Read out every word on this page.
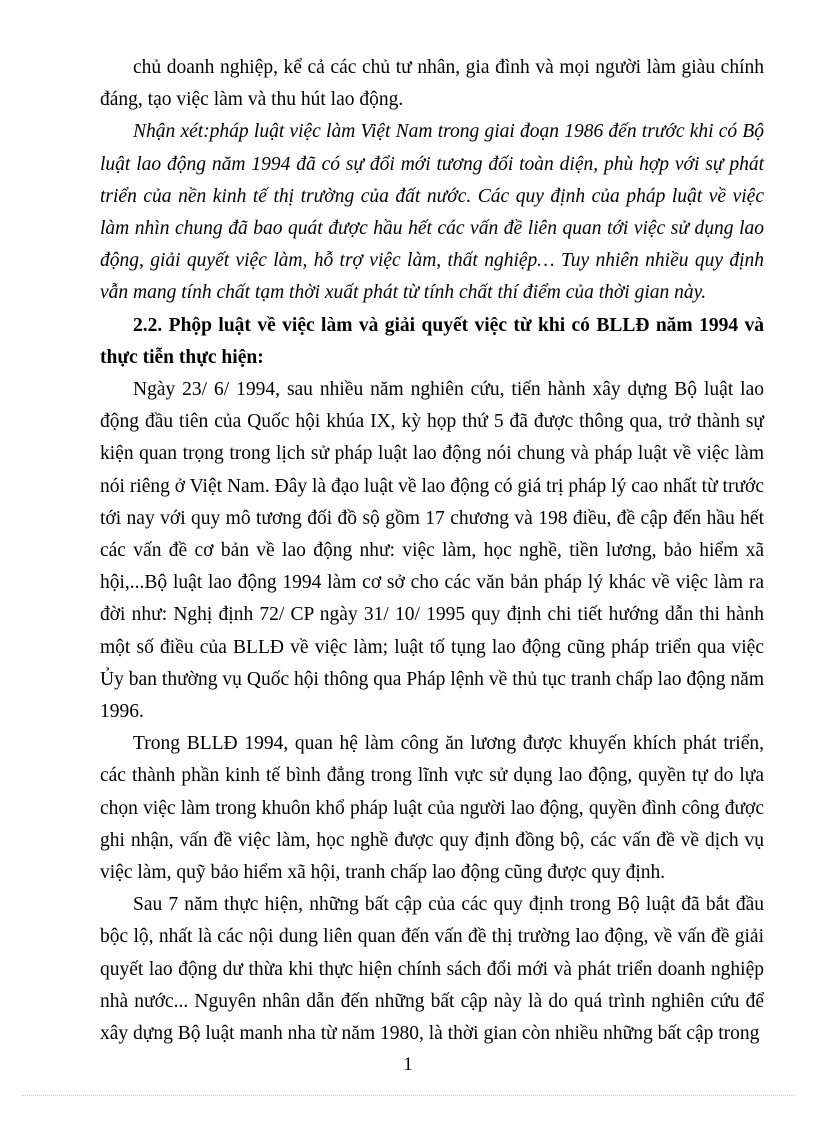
chủ doanh nghiệp, kể cả các chủ tư nhân, gia đình và mọi người làm giàu chính đáng, tạo việc làm và thu hút lao động.

Nhận xét:pháp luật việc làm Việt Nam trong giai đoạn 1986 đến trước khi có Bộ luật lao động năm 1994 đã có sự đổi mới tương đối toàn diện, phù hợp với sự phát triển của nền kinh tế thị trường của đất nước. Các quy định của pháp luật về việc làm nhìn chung đã bao quát được hầu hết các vấn đề liên quan tới việc sử dụng lao động, giải quyết việc làm, hỗ trợ việc làm, thất nghiệp… Tuy nhiên nhiều quy định vẫn mang tính chất tạm thời xuất phát từ tính chất thí điểm của thời gian này.

2.2. Phộp luật về việc làm và giải quyết việc từ khi có BLLĐ năm 1994 và thực tiễn thực hiện:

Ngày 23/ 6/ 1994, sau nhiều năm nghiên cứu, tiến hành xây dựng Bộ luật lao động đầu tiên của Quốc hội khúa IX, kỳ họp thứ 5 đã được thông qua, trở thành sự kiện quan trọng trong lịch sử pháp luật lao động nói chung và pháp luật về việc làm nói riêng ở Việt Nam. Đây là đạo luật về lao động có giá trị pháp lý cao nhất từ trước tới nay với quy mô tương đối đồ sộ gồm 17 chương và 198 điều, đề cập đến hầu hết các vấn đề cơ bản về lao động như: việc làm, học nghề, tiền lương, bảo hiểm xã hội,...Bộ luật lao động 1994 làm cơ sở cho các văn bản pháp lý khác về việc làm ra đời như: Nghị định 72/ CP ngày 31/ 10/ 1995 quy định chi tiết hướng dẫn thi hành một số điều của BLLĐ về việc làm; luật tố tụng lao động cũng pháp triển qua việc Ủy ban thường vụ Quốc hội thông qua Pháp lệnh về thủ tục tranh chấp lao động năm 1996.

Trong BLLĐ 1994, quan hệ làm công ăn lương được khuyến khích phát triển, các thành phần kinh tế bình đẳng trong lĩnh vực sử dụng lao động, quyền tự do lựa chọn việc làm trong khuôn khổ pháp luật của người lao động, quyền đình công được ghi nhận, vấn đề việc làm, học nghề được quy định đồng bộ, các vấn đề về dịch vụ việc làm, quỹ bảo hiểm xã hội, tranh chấp lao động cũng được quy định.

Sau 7 năm thực hiện, những bất cập của các quy định trong Bộ luật đã bắt đầu bộc lộ, nhất là các nội dung liên quan đến vấn đề thị trường lao động, về vấn đề giải quyết lao động dư thừa khi thực hiện chính sách đổi mới và phát triển doanh nghiệp nhà nước... Nguyên nhân dẫn đến những bất cập này là do quá trình nghiên cứu để xây dựng Bộ luật manh nha từ năm 1980, là thời gian còn nhiều những bất cập trong

1
